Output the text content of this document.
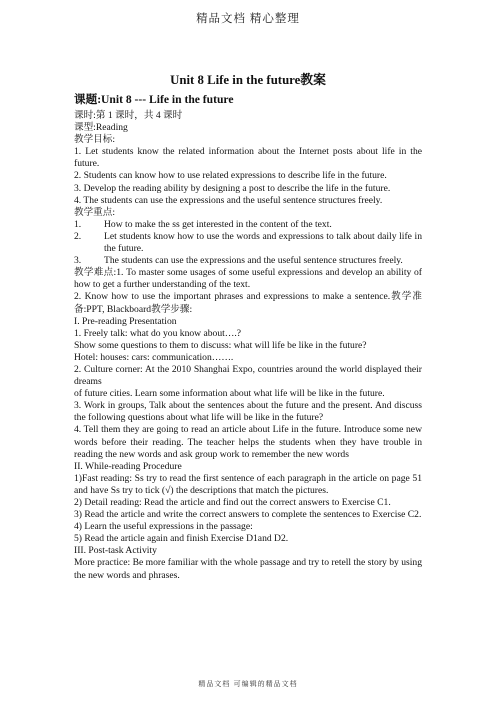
精品文档 精心整理
Unit 8 Life in the future教案
课题:Unit 8 --- Life in the future

课时:第 1 课时，共 4 课时

课型:Reading

教学目标:

1. Let students know the related information about the Internet posts about life in the future.

2. Students can know how to use related expressions to describe life in the future.

3. Develop the reading ability by designing a post to describe the life in the future.

4. The students can use the expressions and the useful sentence structures freely.

教学重点:

1.	How to make the ss get interested in the content of the text.
2.	Let students know how to use the words and expressions to talk about daily life in the future.
3.	The students can use the expressions and the useful sentence structures freely.

教学难点:1. To master some usages of some useful expressions and develop an ability of how to get a further understanding of the text.

2. Know how to use the important phrases and expressions to make a sentence.教学准备:PPT, Blackboard教学步骤:

I. Pre-reading Presentation

1. Freely talk: what do you know about….?

Show some questions to them to discuss: what will life be like in the future?

Hotel: houses: cars: communication…….

2. Culture corner: At the 2010 Shanghai Expo, countries around the world displayed their dreams

of future cities. Learn some information about what life will be like in the future.

3. Work in groups, Talk about the sentences about the future and the present. And discuss the following questions about what life will be like in the future?

4. Tell them they are going to read an article about Life in the future. Introduce some new words before their reading. The teacher helps the students when they have trouble in reading the new words and ask group work to remember the new words

II. While-reading Procedure

1)Fast reading: Ss try to read the first sentence of each paragraph in the article on page 51 and have Ss try to tick (√) the descriptions that match the pictures.

2) Detail reading: Read the article and find out the correct answers to Exercise C1.

3) Read the article and write the correct answers to complete the sentences to Exercise C2.

4) Learn the useful expressions in the passage:

5) Read the article again and finish Exercise D1and D2.

III. Post-task Activity

More practice: Be more familiar with the whole passage and try to retell the story by using the new words and phrases.

精品文档 可编辑的精品文档
